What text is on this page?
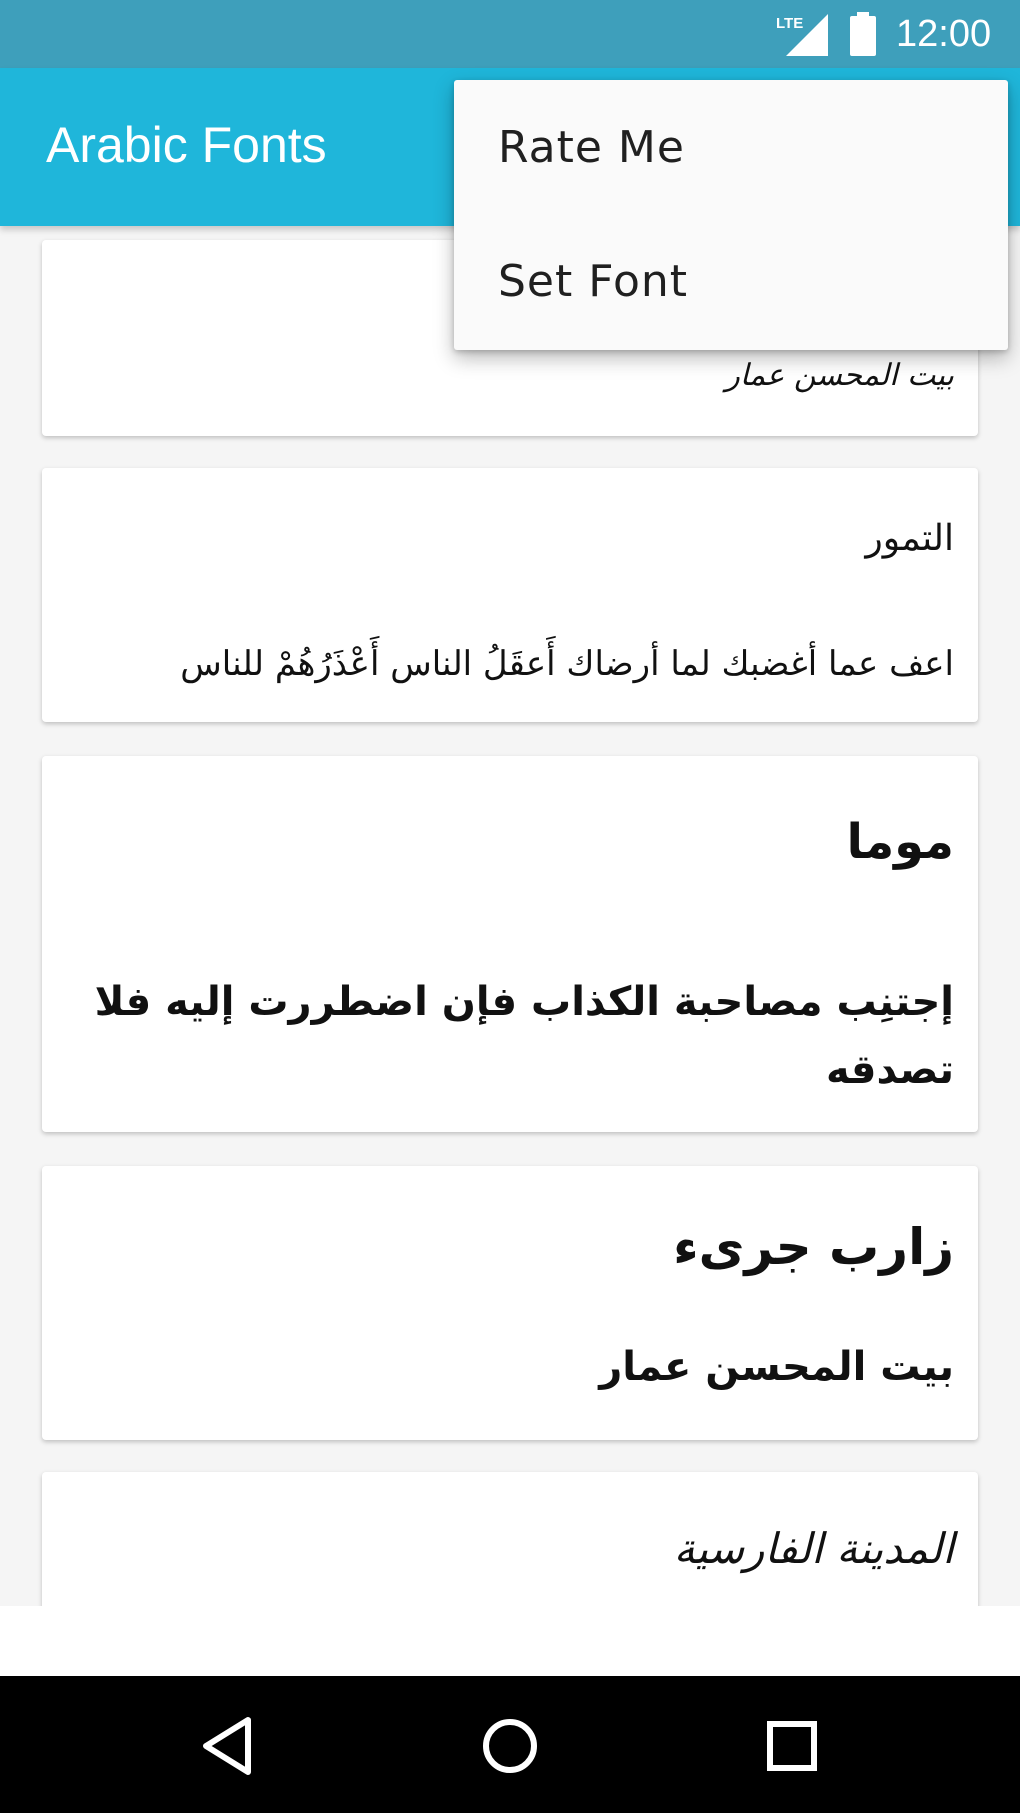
LTE 12:00
Arabic Fonts
بيت المحسن عمار
التمور
اعف عما أغضبك لما أرضاك أَعقَلُ الناس أَعْذَرُهُمْ للناس
موما
إجتنِب مصاحبة الكذاب فإن اضطررت إليه فلا تصدقه
زارب جرىء
بيت المحسن عمار
المدينة الفارسية
Rate Me
Set Font
